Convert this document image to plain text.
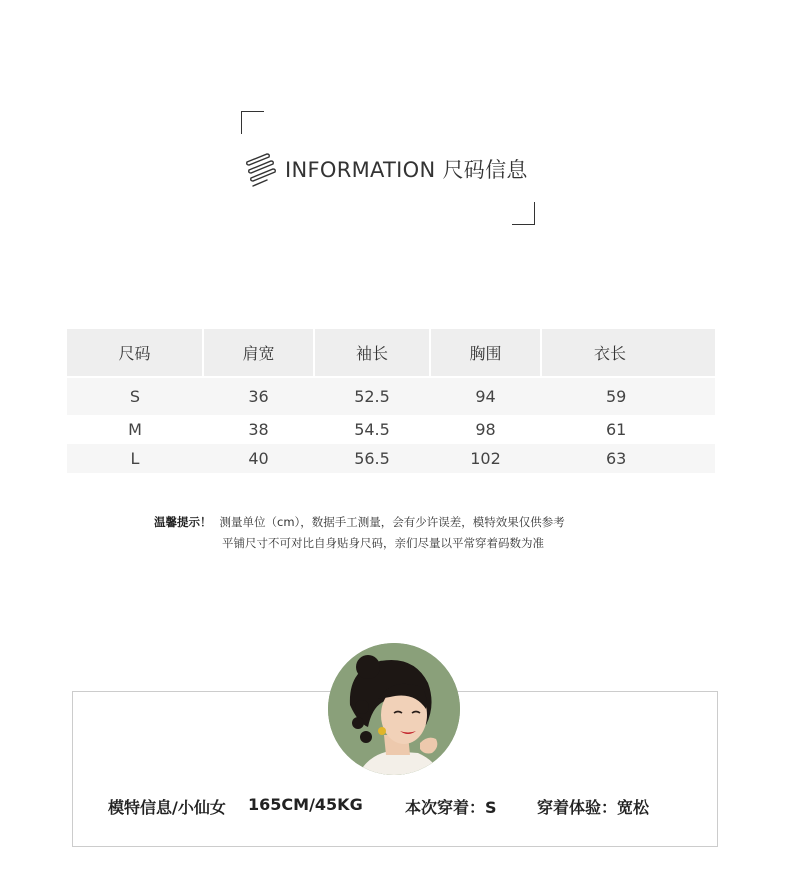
INFORMATION 尺码信息
尺码	肩宽	袖长	胸围	衣长

S	36	52.5	94	59
M	38	54.5	98	61
L	40	56.5	102	63
温馨提示！ 测量单位（cm），数据手工测量，会有少许误差，模特效果仅供参考
平铺尺寸不可对比自身贴身尺码，亲们尽量以平常穿着码数为准
模特信息/小仙女 165CM/45KG	本次穿着：S	穿着体验：宽松
